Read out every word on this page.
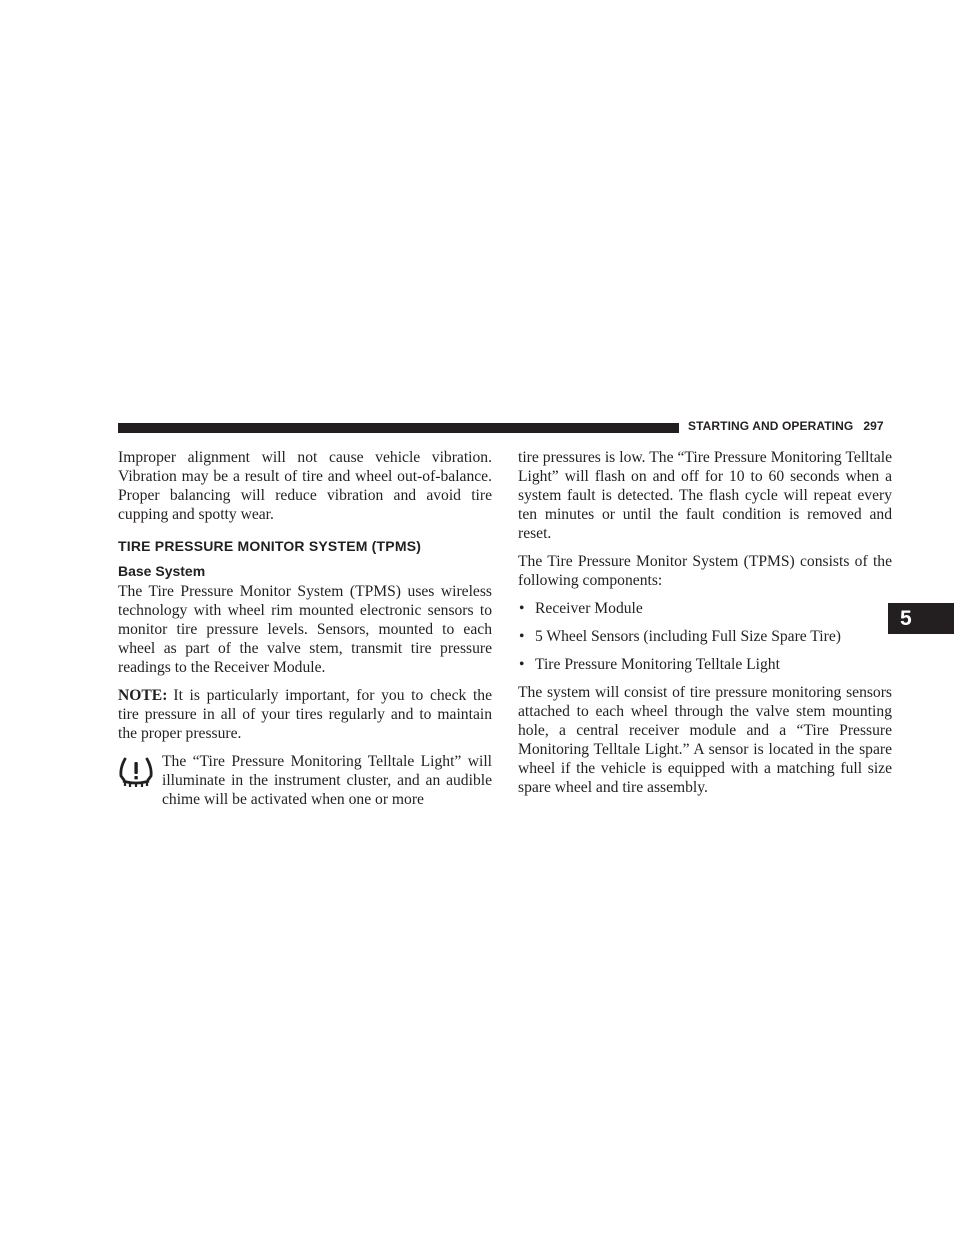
STARTING AND OPERATING 297

Improper alignment will not cause vehicle vibration. Vibration may be a result of tire and wheel out-of-balance. Proper balancing will reduce vibration and avoid tire cupping and spotty wear.

TIRE PRESSURE MONITOR SYSTEM (TPMS)
Base System

The Tire Pressure Monitor System (TPMS) uses wireless technology with wheel rim mounted electronic sensors to monitor tire pressure levels. Sensors, mounted to each wheel as part of the valve stem, transmit tire pressure readings to the Receiver Module.

NOTE: It is particularly important, for you to check the tire pressure in all of your tires regularly and to maintain the proper pressure.

The “Tire Pressure Monitoring Telltale Light” will illuminate in the instrument cluster, and an audible chime will be activated when one or more

tire pressures is low. The “Tire Pressure Monitoring Telltale Light” will flash on and off for 10 to 60 seconds when a system fault is detected. The flash cycle will repeat every ten minutes or until the fault condition is removed and reset.

The Tire Pressure Monitor System (TPMS) consists of the following components:

• Receiver Module
• 5 Wheel Sensors (including Full Size Spare Tire)
• Tire Pressure Monitoring Telltale Light

The system will consist of tire pressure monitoring sensors attached to each wheel through the valve stem mounting hole, a central receiver module and a “Tire Pressure Monitoring Telltale Light.” A sensor is located in the spare wheel if the vehicle is equipped with a matching full size spare wheel and tire assembly.

5
